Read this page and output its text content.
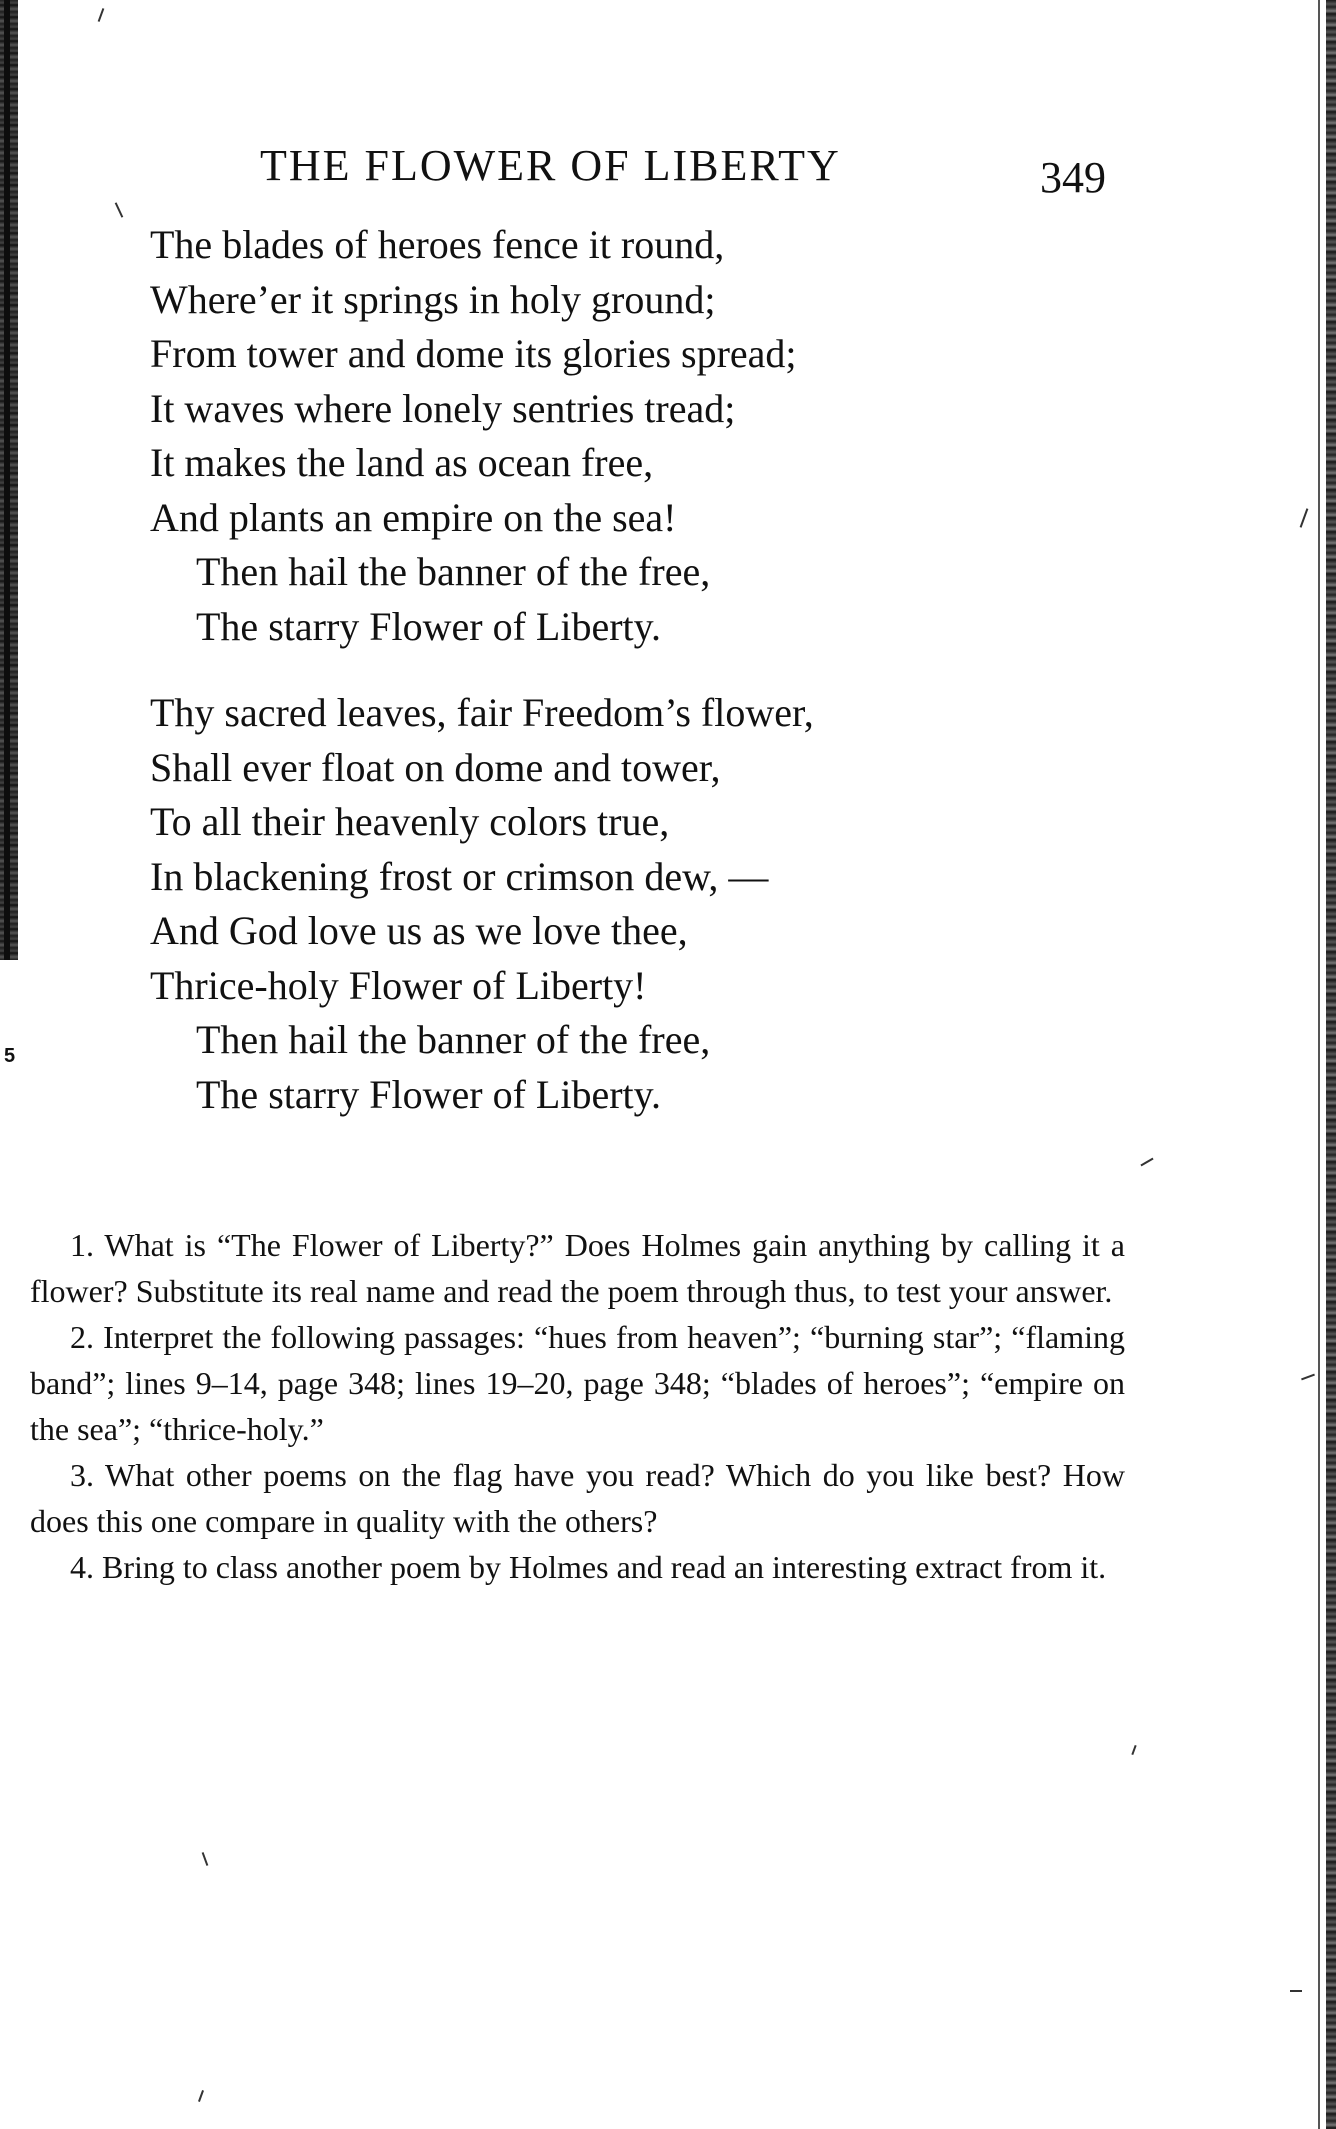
THE FLOWER OF LIBERTY	349
The blades of heroes fence it round,
Where’er it springs in holy ground;
From tower and dome its glories spread;
It waves where lonely sentries tread;
It makes the land as ocean free,
And plants an empire on the sea!
Then hail the banner of the free,
The starry Flower of Liberty.
Thy sacred leaves, fair Freedom’s flower,
Shall ever float on dome and tower,
To all their heavenly colors true,
In blackening frost or crimson dew, —
And God love us as we love thee,
Thrice-holy Flower of Liberty!
Then hail the banner of the free,
The starry Flower of Liberty.
5

1. What is “The Flower of Liberty?” Does Holmes gain anything by calling it a flower? Substitute its real name and read the poem through thus, to test your answer.

2. Interpret the following passages: “hues from heaven”; “burning star”; “flaming band”; lines 9–14, page 348; lines 19–20, page 348; “blades of heroes”; “empire on the sea”; “thrice-holy.”

3. What other poems on the flag have you read? Which do you like best? How does this one compare in quality with the others?

4. Bring to class another poem by Holmes and read an interesting extract from it.
